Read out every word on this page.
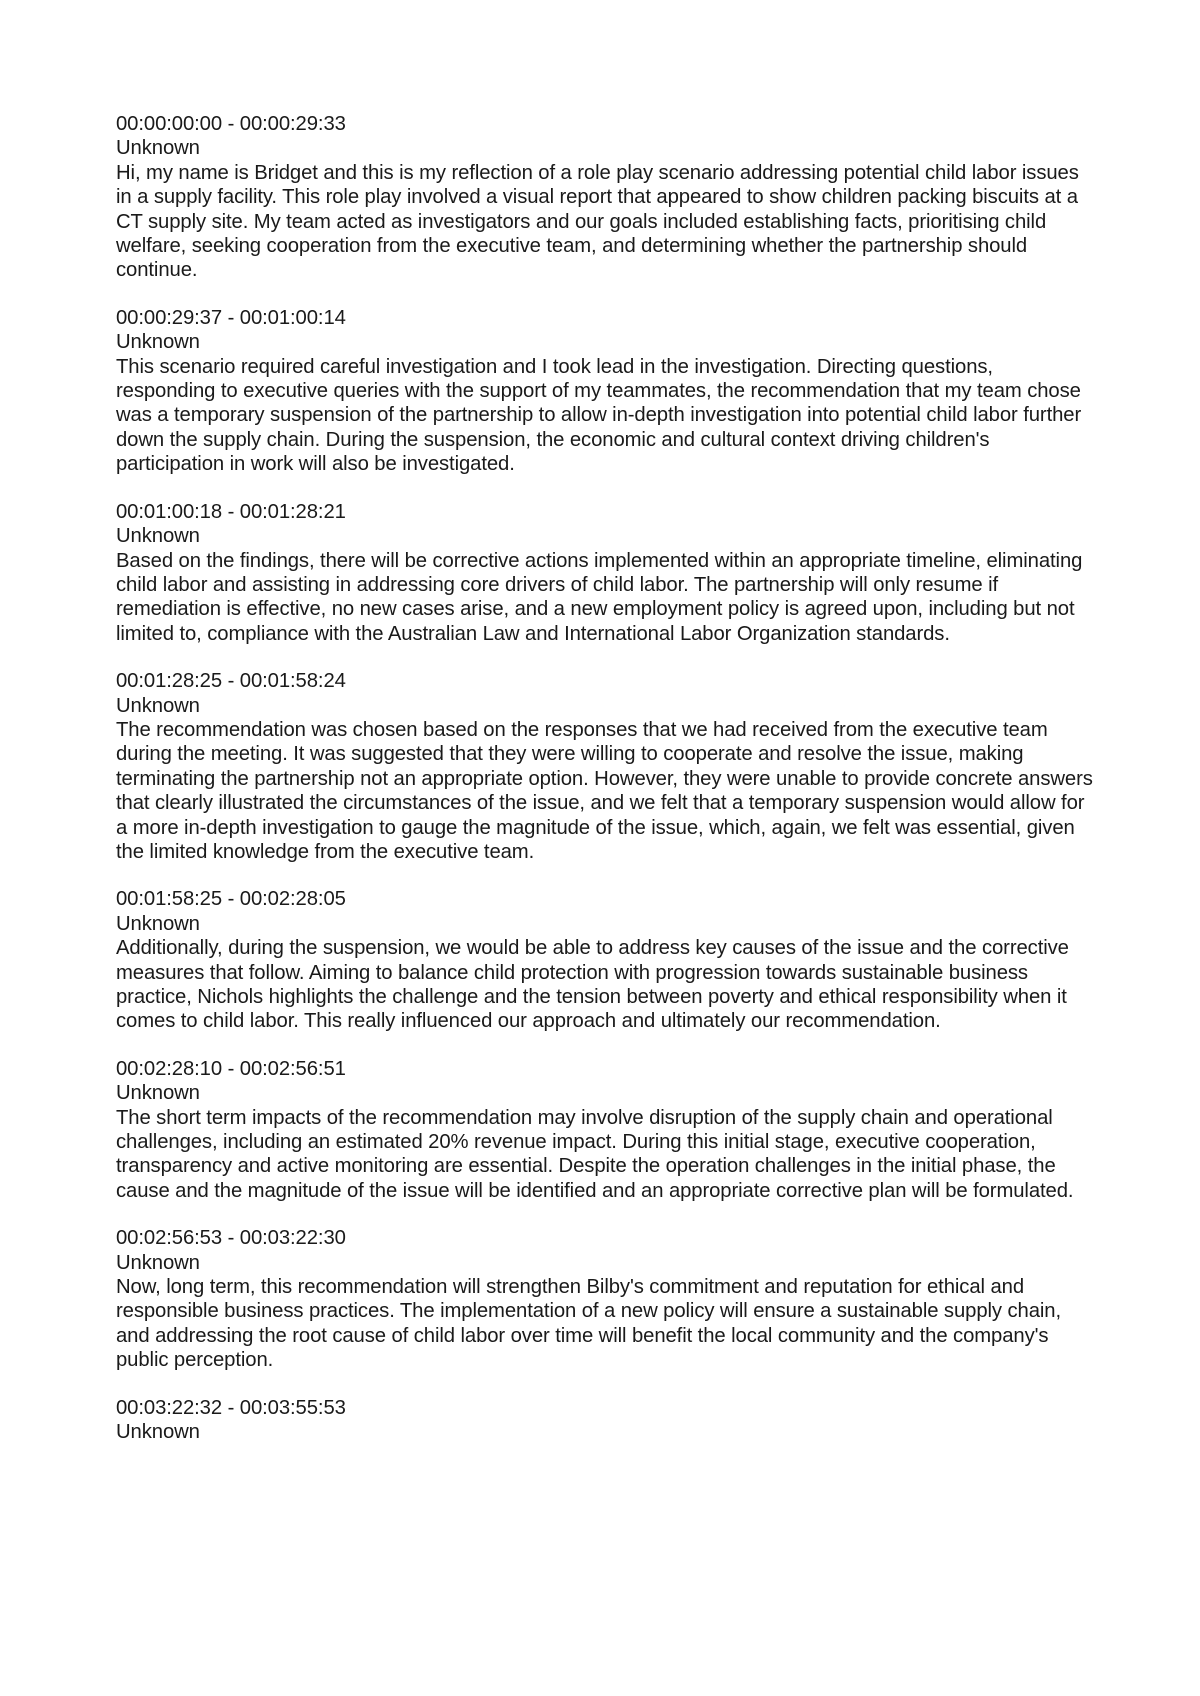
00:00:00:00 - 00:00:29:33
Unknown
Hi, my name is Bridget and this is my reflection of a role play scenario addressing potential child labor issues in a supply facility. This role play involved a visual report that appeared to show children packing biscuits at a CT supply site. My team acted as investigators and our goals included establishing facts, prioritising child welfare, seeking cooperation from the executive team, and determining whether the partnership should continue.
00:00:29:37 - 00:01:00:14
Unknown
This scenario required careful investigation and I took lead in the investigation. Directing questions, responding to executive queries with the support of my teammates, the recommendation that my team chose was a temporary suspension of the partnership to allow in-depth investigation into potential child labor further down the supply chain. During the suspension, the economic and cultural context driving children's participation in work will also be investigated.
00:01:00:18 - 00:01:28:21
Unknown
Based on the findings, there will be corrective actions implemented within an appropriate timeline, eliminating child labor and assisting in addressing core drivers of child labor. The partnership will only resume if remediation is effective, no new cases arise, and a new employment policy is agreed upon, including but not limited to, compliance with the Australian Law and International Labor Organization standards.
00:01:28:25 - 00:01:58:24
Unknown
The recommendation was chosen based on the responses that we had received from the executive team during the meeting. It was suggested that they were willing to cooperate and resolve the issue, making terminating the partnership not an appropriate option. However, they were unable to provide concrete answers that clearly illustrated the circumstances of the issue, and we felt that a temporary suspension would allow for a more in-depth investigation to gauge the magnitude of the issue, which, again, we felt was essential, given the limited knowledge from the executive team.
00:01:58:25 - 00:02:28:05
Unknown
Additionally, during the suspension, we would be able to address key causes of the issue and the corrective measures that follow. Aiming to balance child protection with progression towards sustainable business practice, Nichols highlights the challenge and the tension between poverty and ethical responsibility when it comes to child labor. This really influenced our approach and ultimately our recommendation.
00:02:28:10 - 00:02:56:51
Unknown
The short term impacts of the recommendation may involve disruption of the supply chain and operational challenges, including an estimated 20% revenue impact. During this initial stage, executive cooperation, transparency and active monitoring are essential. Despite the operation challenges in the initial phase, the cause and the magnitude of the issue will be identified and an appropriate corrective plan will be formulated.
00:02:56:53 - 00:03:22:30
Unknown
Now, long term, this recommendation will strengthen Bilby's commitment and reputation for ethical and responsible business practices. The implementation of a new policy will ensure a sustainable supply chain, and addressing the root cause of child labor over time will benefit the local community and the company's public perception.
00:03:22:32 - 00:03:55:53
Unknown
